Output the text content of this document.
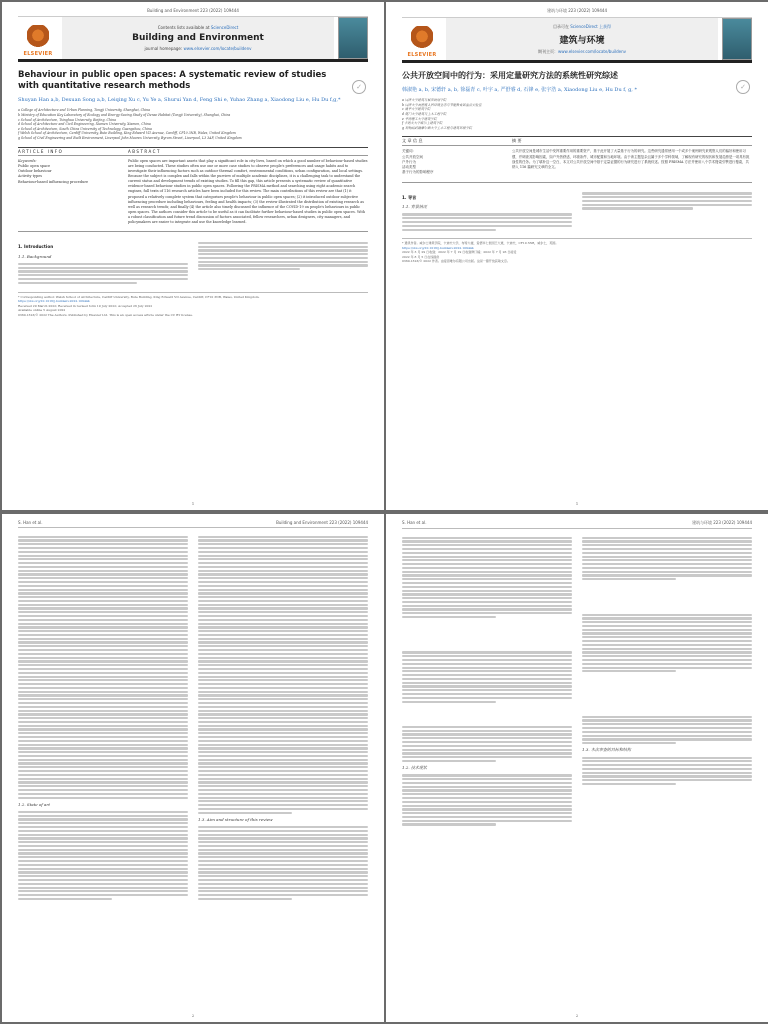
Building and Environment 223 (2022) 109444
ELSEVIER
Contents lists available at ScienceDirect
Building and Environment
journal homepage: www.elsevier.com/locate/buildenv
✓
Behaviour in public open spaces: A systematic review of studies with quantitative research methods
Shuyan Han a,b, Dexuan Song a,b, Leiqing Xu c, Yu Ye a, Shurui Yan d, Feng Shi e, Yuhao Zhang a, Xiaodong Liu e, Hu Du f,g,*
a College of Architecture and Urban Planning, Tongji University, Shanghai, China
b Ministry of Education Key Laboratory of Ecology and Energy-Saving Study of Dense Habitat (Tongji University), Shanghai, China
c School of Architecture, Tsinghua University, Beijing, China
d School of Architecture and Civil Engineering, Xiamen University, Xiamen, China
e School of Architecture, South China University of Technology, Guangzhou, China
f Welsh School of Architecture, Cardiff University, Bute Building, King Edward VII Avenue, Cardiff, CF10 3NB, Wales, United Kingdom
g School of Civil Engineering and Built Environment, Liverpool John Moores University, Byrom Street, Liverpool, L3 3AF, United Kingdom
ARTICLE INFO	ABSTRACT
Keywords:
Public open space
Outdoor behaviour
Activity types
Behaviour-based influencing procedure
Public open spaces are important assets that play a significant role in city lives, based on which a good number of behaviour-based studies are being conducted. These studies often use one or more case studies to observe people's preferences and usage habits and to investigate their influencing factors such as outdoor thermal comfort, environmental conditions, urban configuration, and local settings. Because the subject is complex and falls within the purview of multiple academic disciplines, it is a challenging task to understand the current status and development trends of existing studies. To fill this gap, this article presents a systematic review of quantitative evidence-based behaviour studies in public open spaces. Following the PRISMA method and searching using eight academic search engines, full texts of 116 research articles have been included for this review. The main contributions of this review are that (1) it proposed a relatively complete system that categorises people's behaviour in public open spaces; (2) it introduced outdoor subjective influencing procedure including behaviours, feeling and health impacts; (3) the review illustrated the distribution of existing research as well as research trends; and finally (4) the article also timely discussed the influence of the COVID-19 on people's behaviours in public open spaces. The authors consider this article to be useful as it can facilitate further behaviour-based studies in public open spaces. With a robust classification and future trend discussion of factors associated, fellow researchers, urban designers, city managers, and policymakers are easier to integrate and use the knowledge learned.
1. Introduction
1.1. Background
* Corresponding author. Welsh School of Architecture, Cardiff University, Bute Building, King Edward VII Avenue, Cardiff, CF10 3NB, Wales, United Kingdom.
https://doi.org/10.1016/j.buildenv.2022.109444
Received 29 March 2022; Received in revised form 19 July 2022; Accepted 26 July 2022
Available online 5 August 2022
0360-1323/© 2022 The Authors. Published by Elsevier Ltd. This is an open access article under the CC BY license.
1
建筑与环境 223 (2022) 109444
ELSEVIER
目录可在 ScienceDirect 上获得
建筑与环境
期刊主页：www.elsevier.com/locate/buildenv
✓
公共开放空间中的行为：采用定量研究方法的系统性研究综述
韩淑艳 a, b, 宋德轩 a, b, 徐磊青 c, 叶宇 a, 严舒睿 d, 石锋 e, 张宇浩 a, Xiaodong Liu e, Hu Du f, g, *
a 同济大学建筑与城市规划学院
b 同济大学高密度人居环境生态与节能教育部重点实验室
c 清华大学建筑学院
d 厦门大学建筑与土木工程学院
e 华南理工大学建筑学院
f 卡迪夫大学威尔士建筑学院
g 利物浦约翰摩尔斯大学土木工程与建筑环境学院
文章信息	摘要
关键词：
公共开放空间
户外行为
活动类型
基于行为的影响程序
公共开放空间是城市生活中发挥重要作用的重要资产，基于此开展了大量基于行为的研究。这些研究通常使用一个或多个案例研究来观察人们的偏好和使用习惯，并调查其影响因素，如户外热舒适、环境条件、城市配置和当地环境。由于该主题复杂且属于多个学科领域，了解现有研究的现状和发展趋势是一项具有挑战性的任务。为了填补这一空白，本文对公共开放空间中基于定量证据的行为研究进行了系统综述。按照 PRISMA 方法并使用八个学术搜索引擎进行搜索，共纳入 116 篇研究文章的全文。
1. 导言
1.1. 背景情况
* 通讯作者。威尔士建筑学院，卡迪夫大学，布特大楼，爱德华七世国王大道，卡迪夫，CF10 3NB，威尔士，英国。
https://doi.org/10.1016/j.buildenv.2022.109444
2022 年 3 月 29 日收到；2022 年 7 月 19 日收到修订稿；2022 年 7 月 26 日接受
2022 年 8 月 5 日在线提供
0360-1323/© 2022 作者。由爱思唯尔有限公司出版。这是一篇开放获取文章。
1
S. Han et al.	Building and Environment 223 (2022) 109444
1.2. State of art
1.3. Aim and structure of this review
2
S. Han et al.	建筑与环境 223 (2022) 109444
1.2. 技术现状
1.3. 本次审查的目标和结构
2
